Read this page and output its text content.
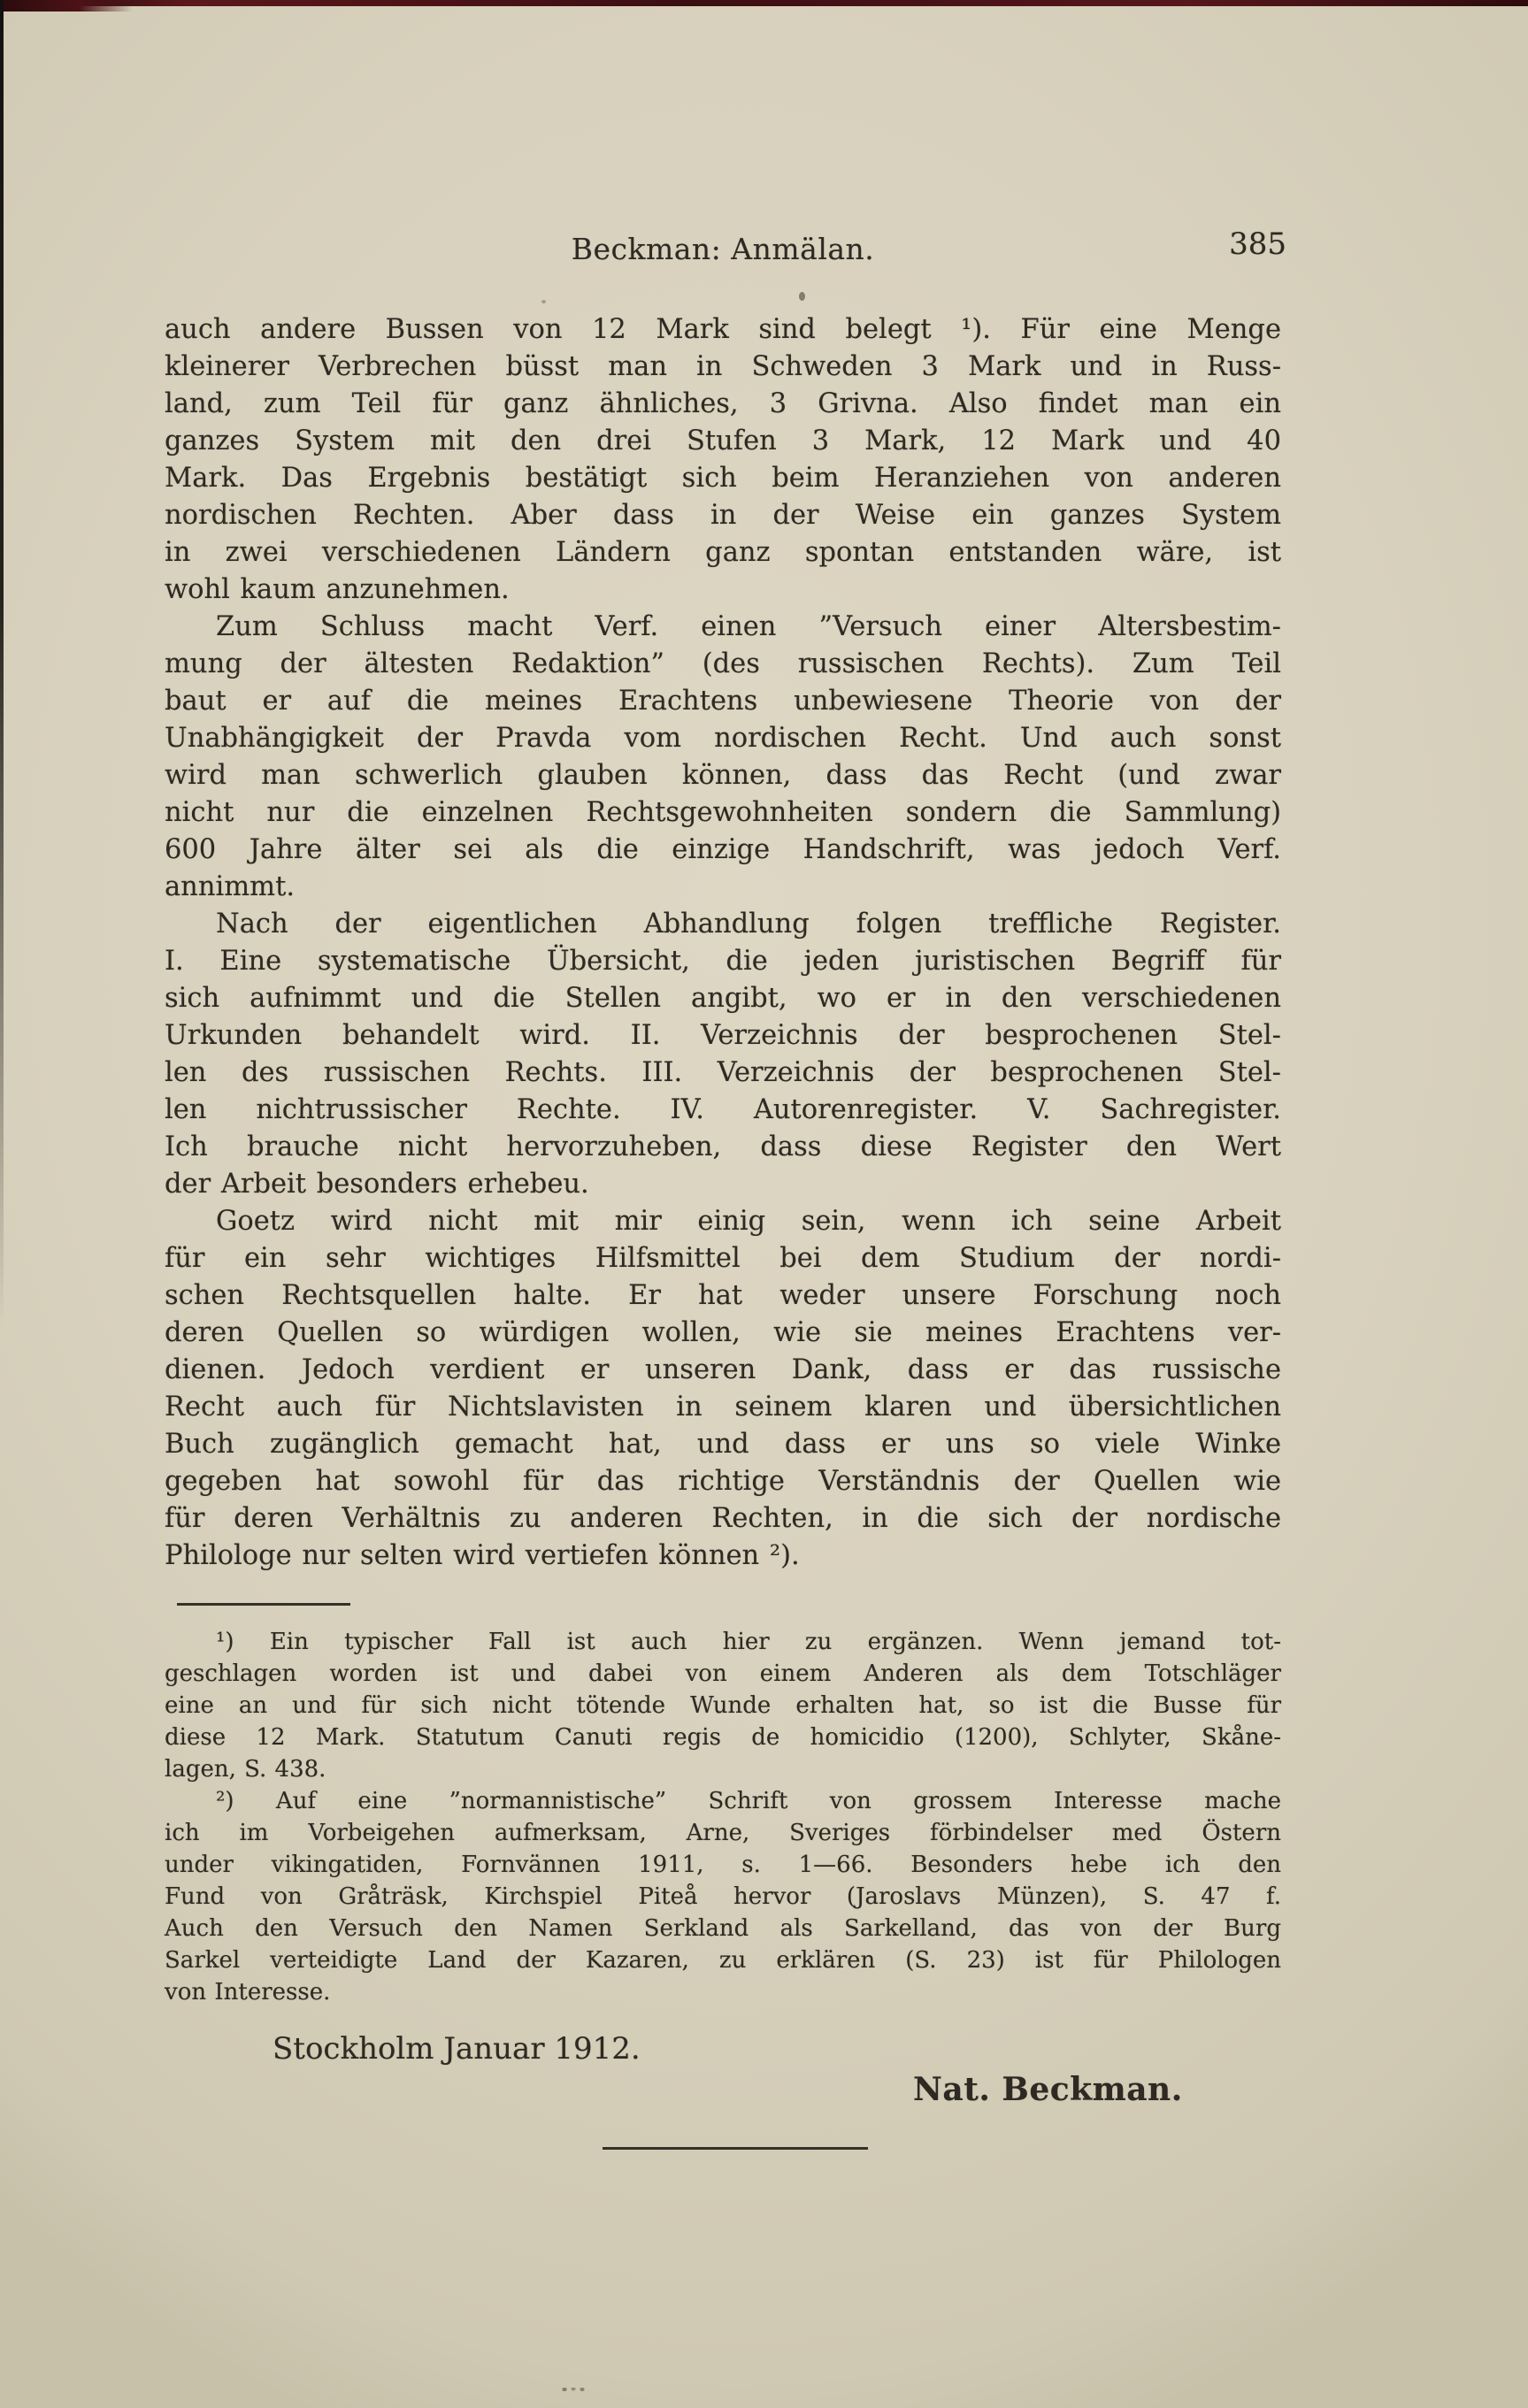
Beckman: Anmälan.	385
auch andere Bussen von 12 Mark sind belegt ¹). Für eine Menge
kleinerer Verbrechen büsst man in Schweden 3 Mark und in Russ-
land, zum Teil für ganz ähnliches, 3 Grivna. Also findet man ein
ganzes System mit den drei Stufen 3 Mark, 12 Mark und 40
Mark. Das Ergebnis bestätigt sich beim Heranziehen von anderen
nordischen Rechten. Aber dass in der Weise ein ganzes System
in zwei verschiedenen Ländern ganz spontan entstanden wäre, ist
wohl kaum anzunehmen.
Zum Schluss macht Verf. einen ”Versuch einer Altersbestim-
mung der ältesten Redaktion” (des russischen Rechts). Zum Teil
baut er auf die meines Erachtens unbewiesene Theorie von der
Unabhängigkeit der Pravda vom nordischen Recht. Und auch sonst
wird man schwerlich glauben können, dass das Recht (und zwar
nicht nur die einzelnen Rechtsgewohnheiten sondern die Sammlung)
600 Jahre älter sei als die einzige Handschrift, was jedoch Verf.
annimmt.
Nach der eigentlichen Abhandlung folgen treffliche Register.
I. Eine systematische Übersicht, die jeden juristischen Begriff für
sich aufnimmt und die Stellen angibt, wo er in den verschiedenen
Urkunden behandelt wird. II. Verzeichnis der besprochenen Stel-
len des russischen Rechts. III. Verzeichnis der besprochenen Stel-
len nichtrussischer Rechte. IV. Autorenregister. V. Sachregister.
Ich brauche nicht hervorzuheben, dass diese Register den Wert
der Arbeit besonders erhebeu.
Goetz wird nicht mit mir einig sein, wenn ich seine Arbeit
für ein sehr wichtiges Hilfsmittel bei dem Studium der nordi-
schen Rechtsquellen halte. Er hat weder unsere Forschung noch
deren Quellen so würdigen wollen, wie sie meines Erachtens ver-
dienen. Jedoch verdient er unseren Dank, dass er das russische
Recht auch für Nichtslavisten in seinem klaren und übersichtlichen
Buch zugänglich gemacht hat, und dass er uns so viele Winke
gegeben hat sowohl für das richtige Verständnis der Quellen wie
für deren Verhältnis zu anderen Rechten, in die sich der nordische
Philologe nur selten wird vertiefen können ²).
¹) Ein typischer Fall ist auch hier zu ergänzen. Wenn jemand tot-
geschlagen worden ist und dabei von einem Anderen als dem Totschläger
eine an und für sich nicht tötende Wunde erhalten hat, so ist die Busse für
diese 12 Mark. Statutum Canuti regis de homicidio (1200), Schlyter, Skåne-
lagen, S. 438.
²) Auf eine ”normannistische” Schrift von grossem Interesse mache
ich im Vorbeigehen aufmerksam, Arne, Sveriges förbindelser med Östern
under vikingatiden, Fornvännen 1911, s. 1—66. Besonders hebe ich den
Fund von Gråträsk, Kirchspiel Piteå hervor (Jaroslavs Münzen), S. 47 f.
Auch den Versuch den Namen Serkland als Sarkelland, das von der Burg
Sarkel verteidigte Land der Kazaren, zu erklären (S. 23) ist für Philologen
von Interesse.
Stockholm Januar 1912.
Nat. Beckman.
